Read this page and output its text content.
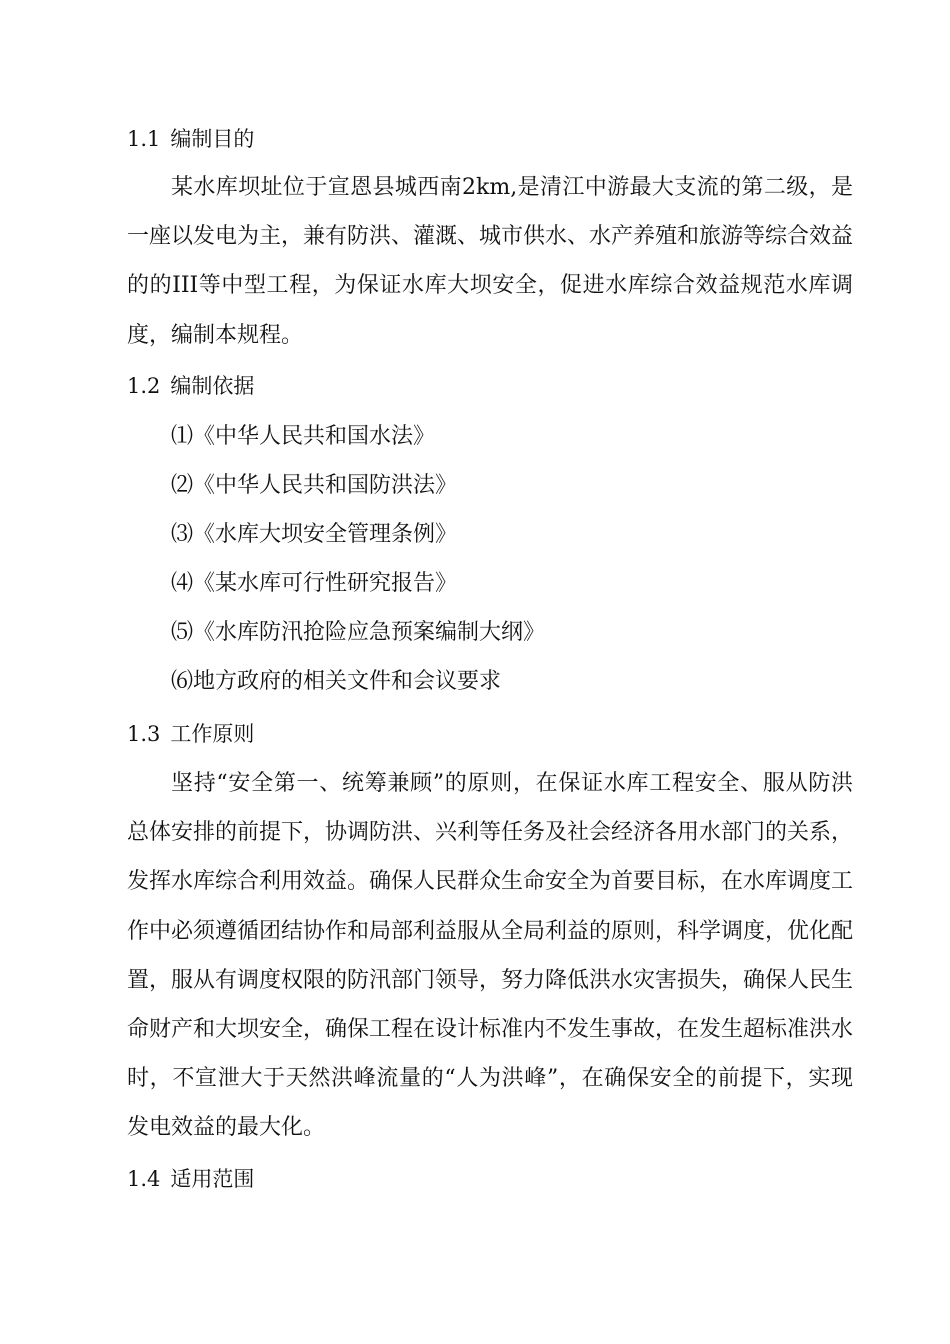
1.1 编制目的
某水库坝址位于宣恩县城西南2km,是清江中游最大支流的第二级，是一座以发电为主，兼有防洪、灌溉、城市供水、水产养殖和旅游等综合效益的的III等中型工程，为保证水库大坝安全，促进水库综合效益规范水库调度，编制本规程。
1.2 编制依据
⑴《中华人民共和国水法》
⑵《中华人民共和国防洪法》
⑶《水库大坝安全管理条例》
⑷《某水库可行性研究报告》
⑸《水库防汛抢险应急预案编制大纲》
⑹地方政府的相关文件和会议要求
1.3 工作原则
坚持“安全第一、统筹兼顾”的原则，在保证水库工程安全、服从防洪总体安排的前提下，协调防洪、兴利等任务及社会经济各用水部门的关系，发挥水库综合利用效益。确保人民群众生命安全为首要目标，在水库调度工作中必须遵循团结协作和局部利益服从全局利益的原则，科学调度，优化配置，服从有调度权限的防汛部门领导，努力降低洪水灾害损失，确保人民生命财产和大坝安全，确保工程在设计标准内不发生事故，在发生超标准洪水时，不宣泄大于天然洪峰流量的“人为洪峰”，在确保安全的前提下，实现发电效益的最大化。
1.4 适用范围
